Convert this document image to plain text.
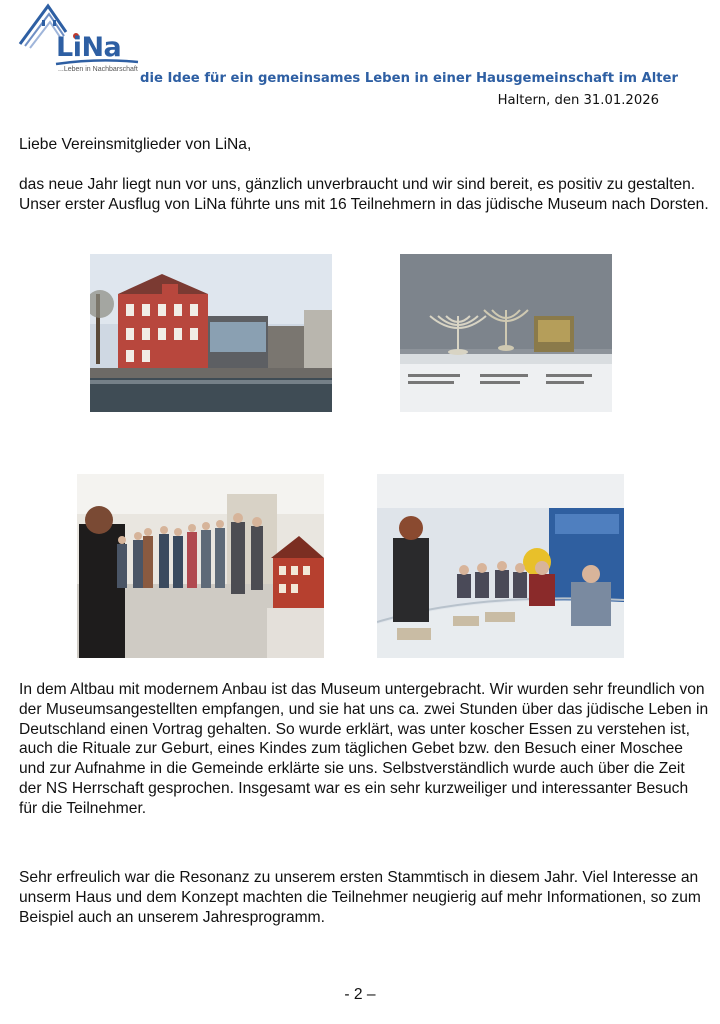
LiNa
...Leben in Nachbarschaft
die Idee für ein gemeinsames Leben in einer Hausgemeinschaft im Alter
Haltern, den 31.01.2026

Liebe Vereinsmitglieder von LiNa,

das neue Jahr liegt nun vor uns, gänzlich unverbraucht und wir sind bereit, es positiv zu gestalten. Unser erster Ausflug von LiNa führte uns mit 16 Teilnehmern in das jüdische Museum nach Dorsten.

In dem Altbau mit modernem Anbau ist das Museum untergebracht. Wir wurden sehr freundlich von der Museumsangestellten empfangen, und sie hat uns ca. zwei Stunden über das jüdische Leben in Deutschland einen Vortrag gehalten. So wurde erklärt, was unter koscher Essen zu verstehen ist, auch die Rituale zur Geburt, eines Kindes zum täglichen Gebet bzw. den Besuch einer Moschee und zur Aufnahme in die Gemeinde erklärte sie uns. Selbstverständlich wurde auch über die Zeit der NS Herrschaft gesprochen. Insgesamt war es ein sehr kurzweiliger und interessanter Besuch für die Teilnehmer.

Sehr erfreulich war die Resonanz zu unserem ersten Stammtisch in diesem Jahr. Viel Interesse an unserm Haus und dem Konzept machten die Teilnehmer neugierig auf mehr Informationen, so zum Beispiel auch an unserem Jahresprogramm.

- 2 –
